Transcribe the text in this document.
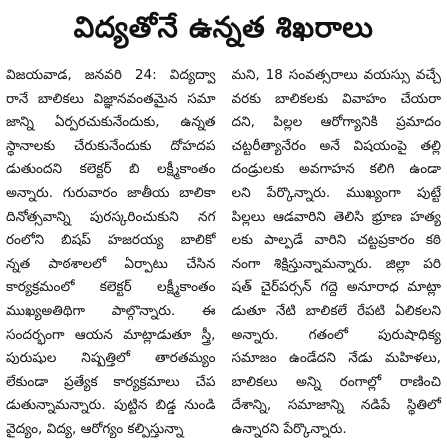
విద్యతోనే ఉన్నత శిఖరాలు
విజయవాడ, జనవరి 24: విద్యద్వా
రానే బాలికలు విజ్ఞానవంతమైన సమా
జాన్ని ఏర్పరచుకునేందుకు, ఉన్నత
స్థానాలకు చేరుకునేందుకు దోహదప
డుతుందని కలెక్టర్ బి లక్ష్మీకాంతం
అన్నారు. గురువారం జాతీయ బాలికా
దినోత్సవాన్ని పురస్కరించుకుని నగ
రంలోని బిషప్ హజరయ్య బాలికో
న్నత పాఠశాలలో ఏర్పాటు చేసిన
కార్యక్రమంలో కలెక్టర్ లక్ష్మీకాంతం
ముఖ్యఅతిథిగా పాల్గొన్నారు. ఈ
సందర్భంగా ఆయన మాట్లాడుతూ స్త్రీ,
పురుషుల నిష్పత్తిలో తారతమ్యం
లేకుండా ప్రత్యేక కార్యక్రమాలు చేప
డుతున్నామన్నారు. పుట్టిన బిడ్డ నుండి
వైద్యం, విద్య, ఆరోగ్యం కల్పిస్తున్నా
మని, 18 సంవత్సరాలు వయస్సు వచ్చే
వరకు బాలికలకు వివాహం చేయరా
దని, పిల్లల ఆరోగ్యానికి ప్రమాదం
చట్టరీత్యానేరం అనే విషయంపై తల్లి
దండ్రులకు అవగాహన కలిగి ఉండా
లని పేర్కొన్నారు. ముఖ్యంగా పుట్టే
పిల్లలు ఆడవారిని తెలిసి భ్రూణ హత్య
లకు పాల్పడే వారిని చట్టప్రకారం కఠి
నంగా శిక్షిస్తున్నామన్నారు. జిల్లా పరి
షత్ చైర్‌పర్సన్ గద్దె అనూరాధ మాట్లా
డుతూ నేటి బాలికలే రేపటి ఏలికలని
అన్నారు. గతంలో పురుషాధిక్య
సమాజం ఉండేదని నేడు మహిళలు,
బాలికలు అన్ని రంగాల్లో రాణించి
దేశాన్ని, సమాజాన్ని నడిపే స్థితిలో
ఉన్నారని పేర్కొన్నారు.
